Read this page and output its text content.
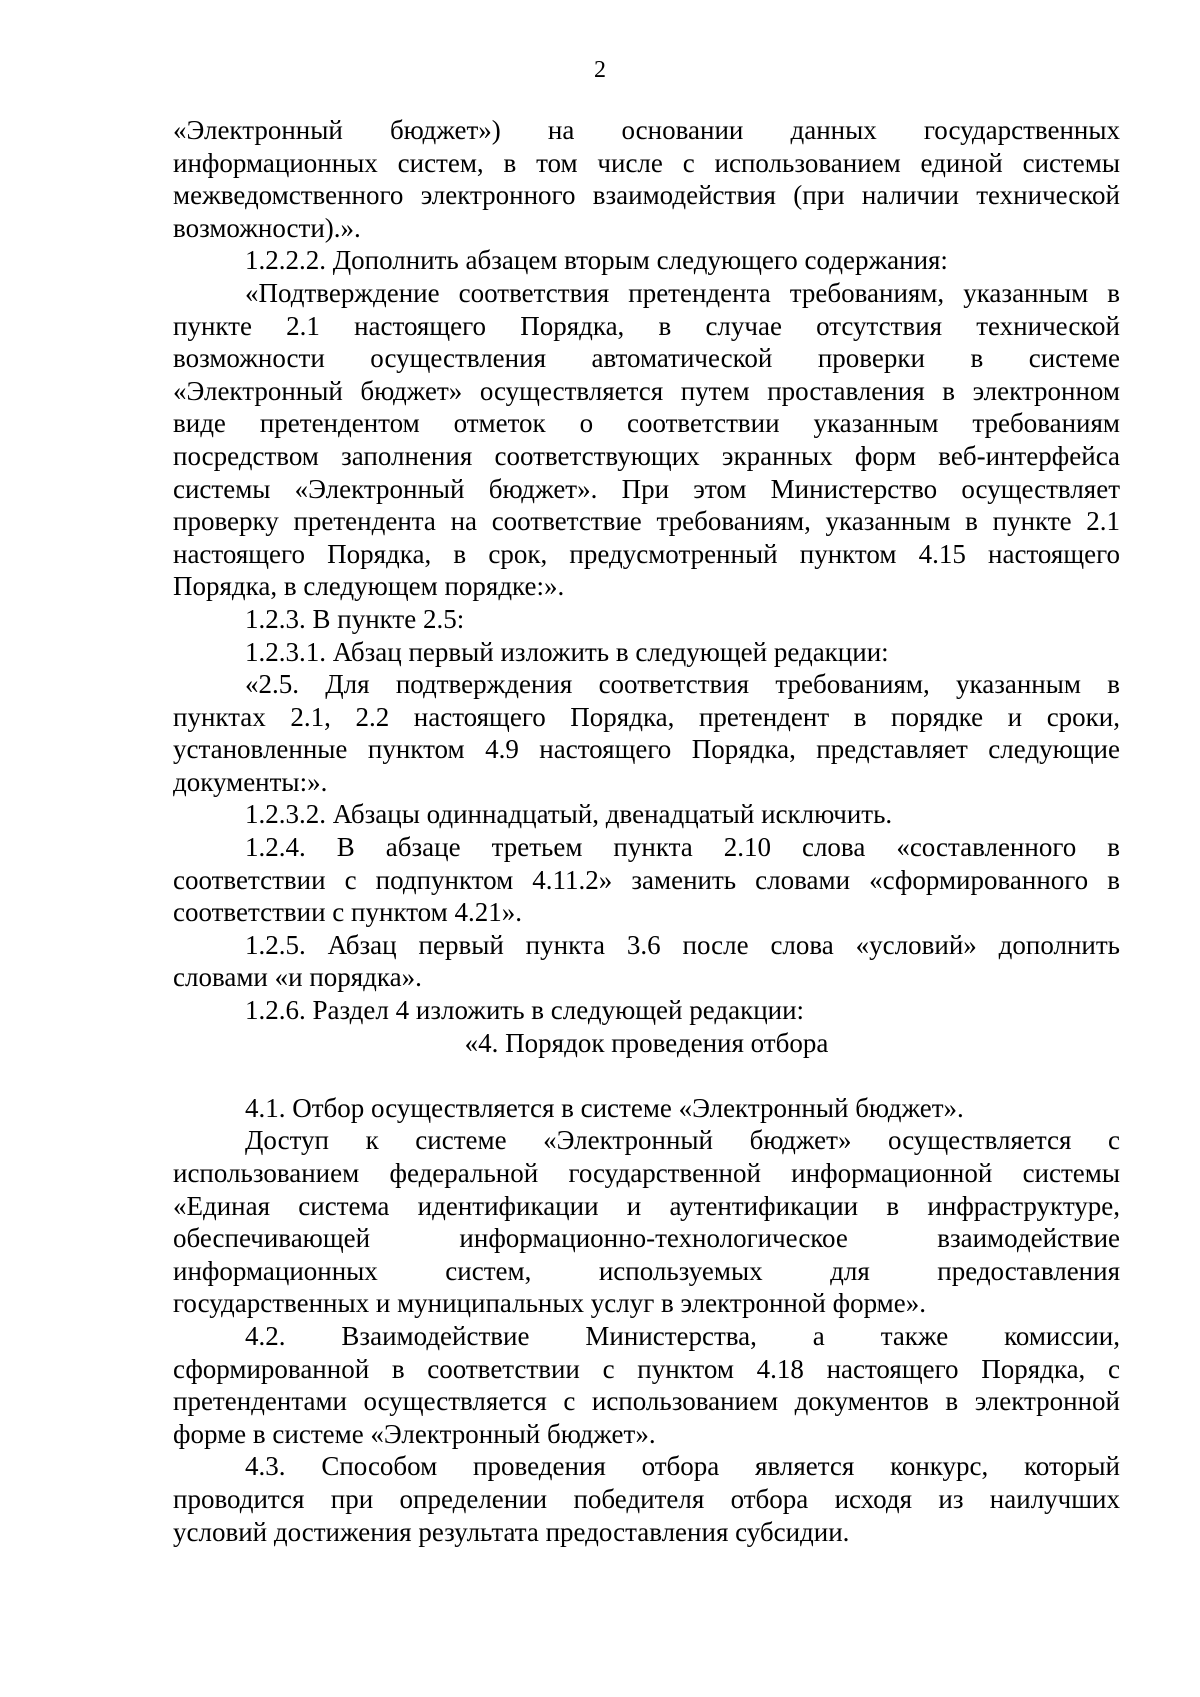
2
«Электронный бюджет») на основании данных государственных
информационных систем, в том числе с использованием единой системы
межведомственного электронного взаимодействия (при наличии технической
возможности).».
1.2.2.2. Дополнить абзацем вторым следующего содержания:
«Подтверждение соответствия претендента требованиям, указанным в
пункте 2.1 настоящего Порядка, в случае отсутствия технической
возможности осуществления автоматической проверки в системе
«Электронный бюджет» осуществляется путем проставления в электронном
виде претендентом отметок о соответствии указанным требованиям
посредством заполнения соответствующих экранных форм веб-интерфейса
системы «Электронный бюджет». При этом Министерство осуществляет
проверку претендента на соответствие требованиям, указанным в пункте 2.1
настоящего Порядка, в срок, предусмотренный пунктом 4.15 настоящего
Порядка, в следующем порядке:».
1.2.3. В пункте 2.5:
1.2.3.1. Абзац первый изложить в следующей редакции:
«2.5. Для подтверждения соответствия требованиям, указанным в
пунктах 2.1, 2.2 настоящего Порядка, претендент в порядке и сроки,
установленные пунктом 4.9 настоящего Порядка, представляет следующие
документы:».
1.2.3.2. Абзацы одиннадцатый, двенадцатый исключить.
1.2.4. В абзаце третьем пункта 2.10 слова «составленного в
соответствии с подпунктом 4.11.2» заменить словами «сформированного в
соответствии с пунктом 4.21».
1.2.5. Абзац первый пункта 3.6 после слова «условий» дополнить
словами «и порядка».
1.2.6. Раздел 4 изложить в следующей редакции:
«4. Порядок проведения отбора
4.1. Отбор осуществляется в системе «Электронный бюджет».
Доступ к системе «Электронный бюджет» осуществляется с
использованием федеральной государственной информационной системы
«Единая система идентификации и аутентификации в инфраструктуре,
обеспечивающей информационно-технологическое взаимодействие
информационных систем, используемых для предоставления
государственных и муниципальных услуг в электронной форме».
4.2. Взаимодействие Министерства, а также комиссии,
сформированной в соответствии с пунктом 4.18 настоящего Порядка, с
претендентами осуществляется с использованием документов в электронной
форме в системе «Электронный бюджет».
4.3. Способом проведения отбора является конкурс, который
проводится при определении победителя отбора исходя из наилучших
условий достижения результата предоставления субсидии.
